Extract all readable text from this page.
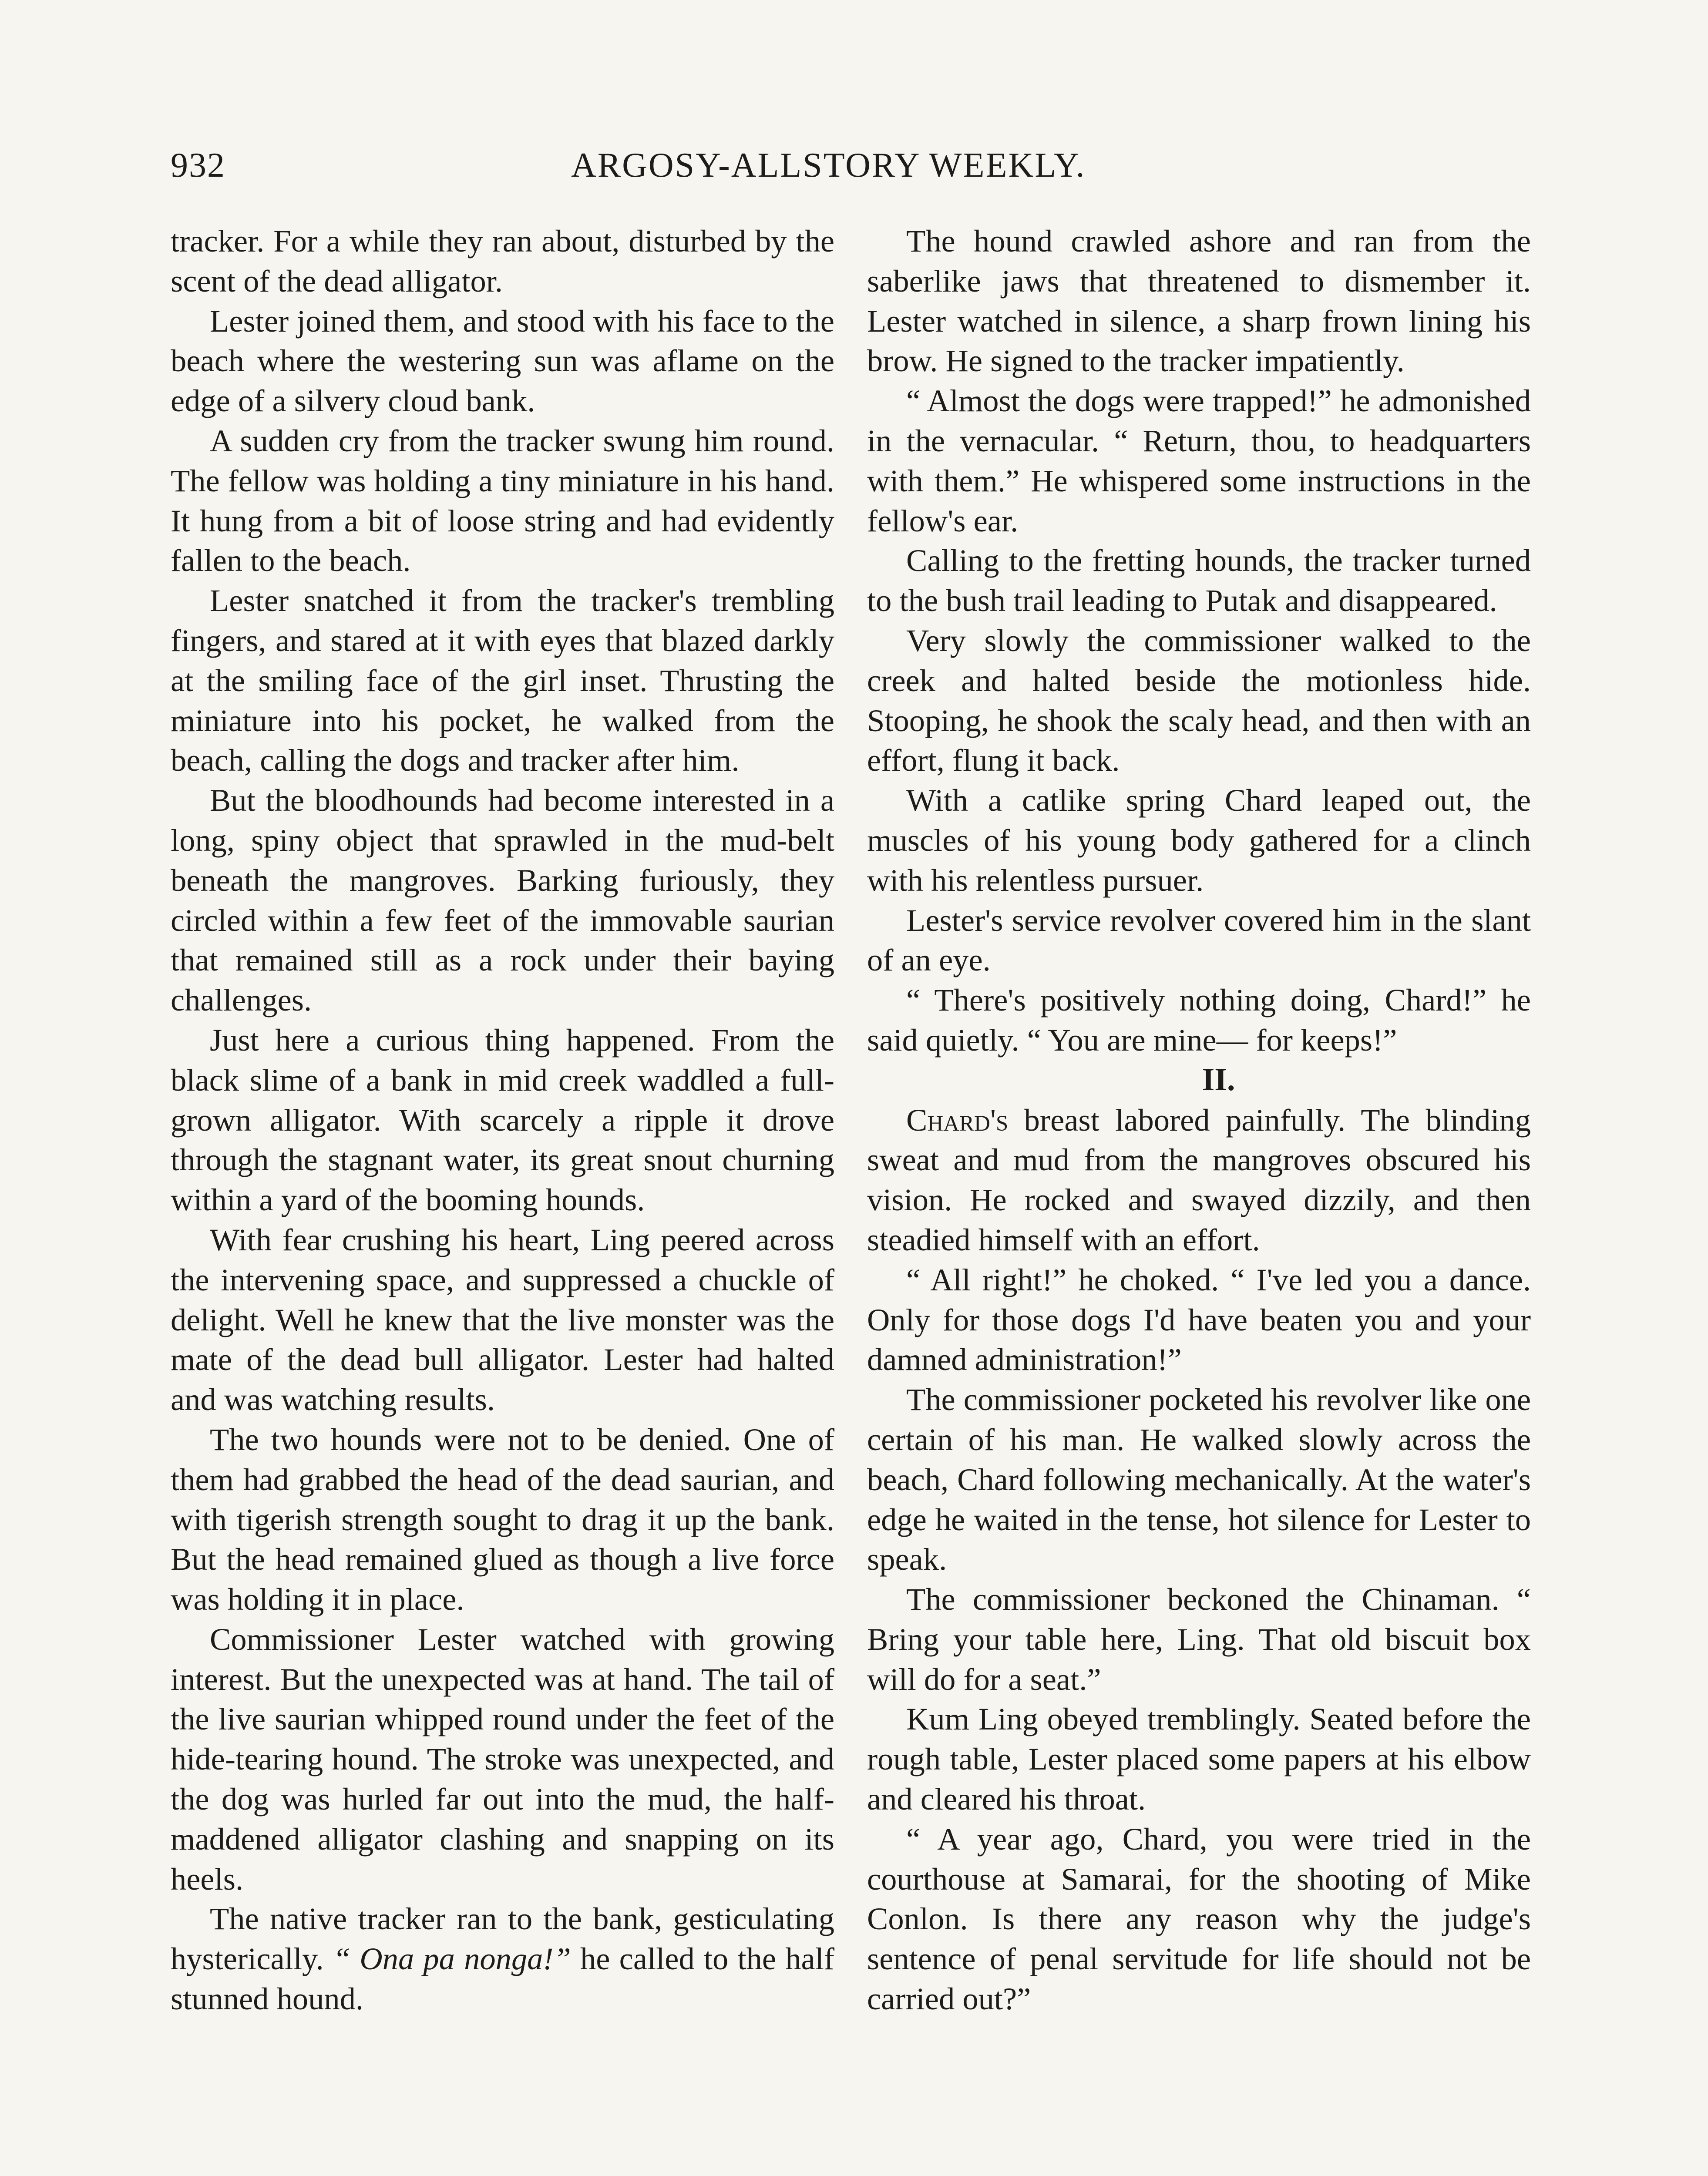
932	ARGOSY-ALLSTORY WEEKLY.

tracker. For a while they ran about, disturbed by the scent of the dead alligator.

Lester joined them, and stood with his face to the beach where the westering sun was aflame on the edge of a silvery cloud bank.

A sudden cry from the tracker swung him round. The fellow was holding a tiny miniature in his hand. It hung from a bit of loose string and had evidently fallen to the beach.

Lester snatched it from the tracker's trembling fingers, and stared at it with eyes that blazed darkly at the smiling face of the girl inset. Thrusting the miniature into his pocket, he walked from the beach, calling the dogs and tracker after him.

But the bloodhounds had become interested in a long, spiny object that sprawled in the mud-belt beneath the mangroves. Barking furiously, they circled within a few feet of the immovable saurian that remained still as a rock under their baying challenges.

Just here a curious thing happened. From the black slime of a bank in mid creek waddled a full-grown alligator. With scarcely a ripple it drove through the stagnant water, its great snout churning within a yard of the booming hounds.

With fear crushing his heart, Ling peered across the intervening space, and suppressed a chuckle of delight. Well he knew that the live monster was the mate of the dead bull alligator. Lester had halted and was watching results.

The two hounds were not to be denied. One of them had grabbed the head of the dead saurian, and with tigerish strength sought to drag it up the bank. But the head remained glued as though a live force was holding it in place.

Commissioner Lester watched with growing interest. But the unexpected was at hand. The tail of the live saurian whipped round under the feet of the hide-tearing hound. The stroke was unexpected, and the dog was hurled far out into the mud, the half-maddened alligator clashing and snapping on its heels.

The native tracker ran to the bank, gesticulating hysterically. “ Ona pa nonga!” he called to the half stunned hound.

The hound crawled ashore and ran from the saberlike jaws that threatened to dismember it. Lester watched in silence, a sharp frown lining his brow. He signed to the tracker impatiently.

“ Almost the dogs were trapped!” he admonished in the vernacular. “ Return, thou, to headquarters with them.” He whispered some instructions in the fellow's ear.

Calling to the fretting hounds, the tracker turned to the bush trail leading to Putak and disappeared.

Very slowly the commissioner walked to the creek and halted beside the motionless hide. Stooping, he shook the scaly head, and then with an effort, flung it back.

With a catlike spring Chard leaped out, the muscles of his young body gathered for a clinch with his relentless pursuer.

Lester's service revolver covered him in the slant of an eye.

“ There's positively nothing doing, Chard!” he said quietly. “ You are mine— for keeps!”

II.

Chard's breast labored painfully. The blinding sweat and mud from the mangroves obscured his vision. He rocked and swayed dizzily, and then steadied himself with an effort.

“ All right!” he choked. “ I've led you a dance. Only for those dogs I'd have beaten you and your damned administration!”

The commissioner pocketed his revolver like one certain of his man. He walked slowly across the beach, Chard following mechanically. At the water's edge he waited in the tense, hot silence for Lester to speak.

The commissioner beckoned the Chinaman. “ Bring your table here, Ling. That old biscuit box will do for a seat.”

Kum Ling obeyed tremblingly. Seated before the rough table, Lester placed some papers at his elbow and cleared his throat.

“ A year ago, Chard, you were tried in the courthouse at Samarai, for the shooting of Mike Conlon. Is there any reason why the judge's sentence of penal servitude for life should not be carried out?”
